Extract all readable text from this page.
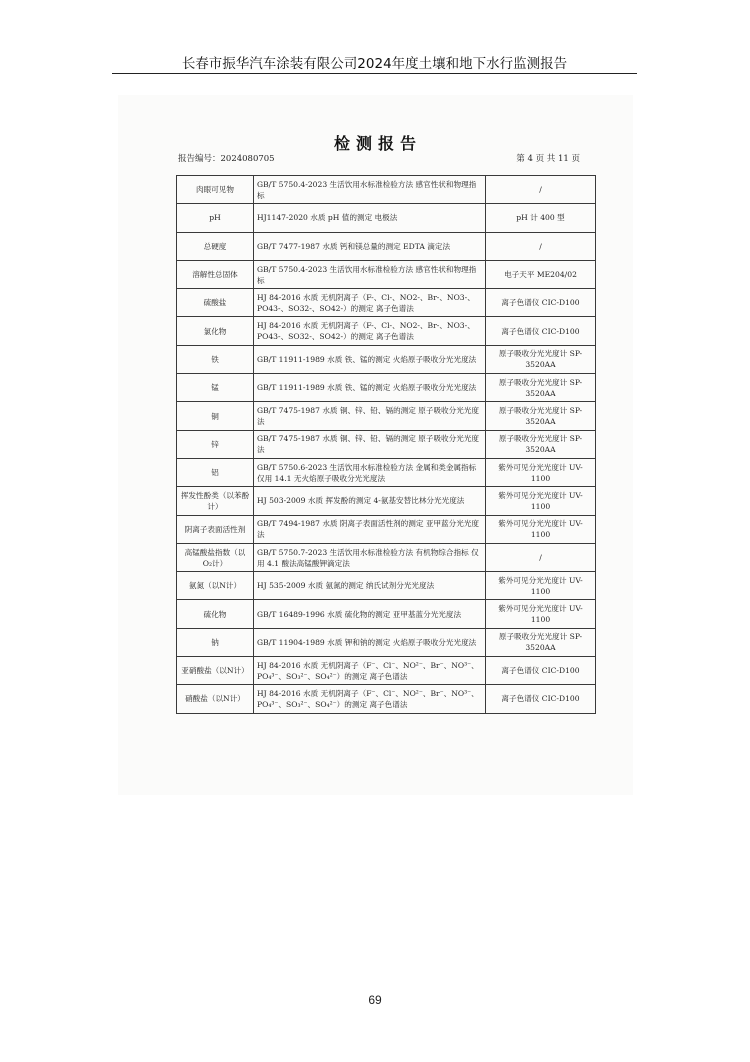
长春市振华汽车涂装有限公司2024年度土壤和地下水行监测报告
检测报告
报告编号：2024080705	第 4 页 共 11 页
肉眼可见物	GB/T 5750.4-2023 生活饮用水标准检验方法 感官性状和物理指标	/
pH	HJ1147-2020 水质 pH 值的测定 电极法	pH 计 400 型
总硬度	GB/T 7477-1987 水质 钙和镁总量的测定 EDTA 滴定法	/
溶解性总固体	GB/T 5750.4-2023 生活饮用水标准检验方法 感官性状和物理指标	电子天平 ME204/02
硫酸盐	HJ 84-2016 水质 无机阴离子（F-、Cl-、NO2-、Br-、NO3-、PO43-、SO32-、SO42-）的测定 离子色谱法	离子色谱仪 CIC-D100
氯化物	HJ 84-2016 水质 无机阴离子（F-、Cl-、NO2-、Br-、NO3-、PO43-、SO32-、SO42-）的测定 离子色谱法	离子色谱仪 CIC-D100
铁	GB/T 11911-1989 水质 铁、锰的测定 火焰原子吸收分光光度法	原子吸收分光光度计 SP-3520AA
锰	GB/T 11911-1989 水质 铁、锰的测定 火焰原子吸收分光光度法	原子吸收分光光度计 SP-3520AA
铜	GB/T 7475-1987 水质 铜、锌、铅、镉的测定 原子吸收分光光度法	原子吸收分光光度计 SP-3520AA
锌	GB/T 7475-1987 水质 铜、锌、铅、镉的测定 原子吸收分光光度法	原子吸收分光光度计 SP-3520AA
铝	GB/T 5750.6-2023 生活饮用水标准检验方法 金属和类金属指标 仅用 14.1 无火焰原子吸收分光光度法	紫外可见分光光度计 UV-1100
挥发性酚类（以苯酚计）	HJ 503-2009 水质 挥发酚的测定 4-氨基安替比林分光光度法	紫外可见分光光度计 UV-1100
阴离子表面活性剂	GB/T 7494-1987 水质 阴离子表面活性剂的测定 亚甲蓝分光光度法	紫外可见分光光度计 UV-1100
高锰酸盐指数（以O₂计）	GB/T 5750.7-2023 生活饮用水标准检验方法 有机物综合指标 仅用 4.1 酸法高锰酸钾滴定法	/
氨氮（以N计）	HJ 535-2009 水质 氨氮的测定 纳氏试剂分光光度法	紫外可见分光光度计 UV-1100
硫化物	GB/T 16489-1996 水质 硫化物的测定 亚甲基蓝分光光度法	紫外可见分光光度计 UV-1100
钠	GB/T 11904-1989 水质 钾和钠的测定 火焰原子吸收分光光度法	原子吸收分光光度计 SP-3520AA
亚硝酸盐（以N计）	HJ 84-2016 水质 无机阴离子（F⁻、Cl⁻、NO²⁻、Br⁻、NO³⁻、PO₄³⁻、SO₃²⁻、SO₄²⁻）的测定 离子色谱法	离子色谱仪 CIC-D100
硝酸盐（以N计）	HJ 84-2016 水质 无机阴离子（F⁻、Cl⁻、NO²⁻、Br⁻、NO³⁻、PO₄³⁻、SO₃²⁻、SO₄²⁻）的测定 离子色谱法	离子色谱仪 CIC-D100
69
